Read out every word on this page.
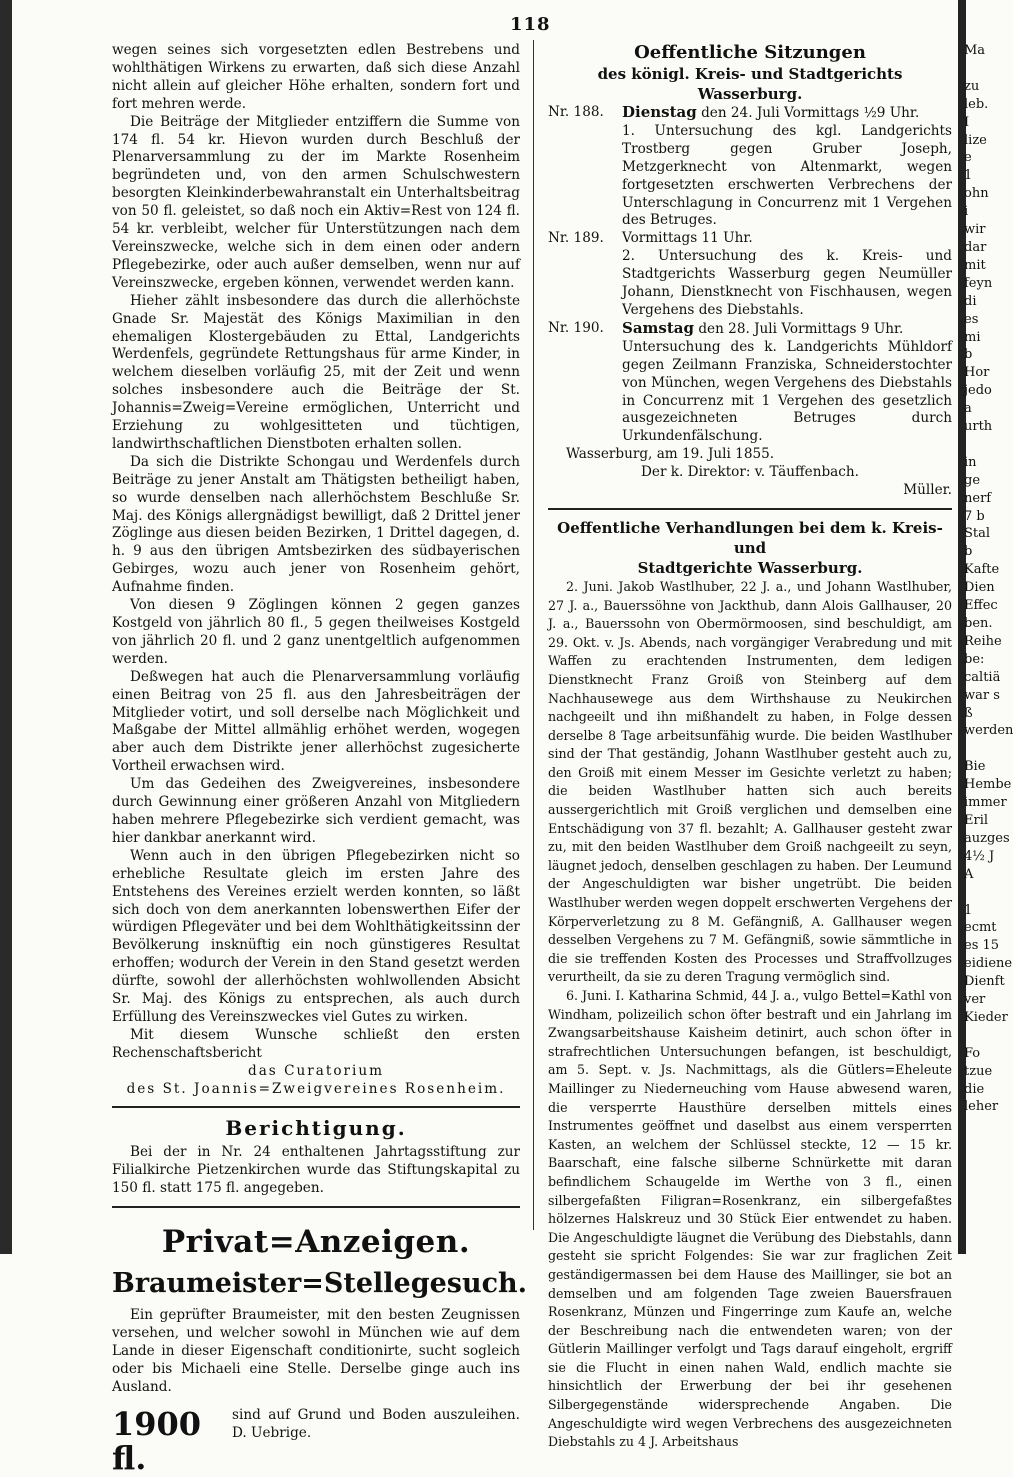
118

wegen seines sich vorgesetzten edlen Bestrebens und wohlthätigen Wirkens zu erwarten, daß sich diese Anzahl nicht allein auf gleicher Höhe erhalten, sondern fort und fort mehren werde.

Die Beiträge der Mitglieder entziffern die Summe von 174 fl. 54 kr. Hievon wurden durch Beschluß der Plenarversammlung zu der im Markte Rosenheim begründeten und, von den armen Schulschwestern besorgten Kleinkinderbewahranstalt ein Unterhaltsbeitrag von 50 fl. geleistet, so daß noch ein Aktiv=Rest von 124 fl. 54 kr. verbleibt, welcher für Unterstützungen nach dem Vereinszwecke, welche sich in dem einen oder andern Pflegebezirke, oder auch außer demselben, wenn nur auf Vereinszwecke, ergeben können, verwendet werden kann.

Hieher zählt insbesondere das durch die allerhöchste Gnade Sr. Majestät des Königs Maximilian in den ehemaligen Klostergebäuden zu Ettal, Landgerichts Werdenfels, gegründete Rettungshaus für arme Kinder, in welchem dieselben vorläufig 25, mit der Zeit und wenn solches insbesondere auch die Beiträge der St. Johannis=Zweig=Vereine ermöglichen, Unterricht und Erziehung zu wohlgesitteten und tüchtigen, landwirthschaftlichen Dienstboten erhalten sollen.

Da sich die Distrikte Schongau und Werdenfels durch Beiträge zu jener Anstalt am Thätigsten betheiligt haben, so wurde denselben nach allerhöchstem Beschluße Sr. Maj. des Königs allergnädigst bewilligt, daß 2 Drittel jener Zöglinge aus diesen beiden Bezirken, 1 Drittel dagegen, d. h. 9 aus den übrigen Amtsbezirken des südbayerischen Gebirges, wozu auch jener von Rosenheim gehört, Aufnahme finden.

Von diesen 9 Zöglingen können 2 gegen ganzes Kostgeld von jährlich 80 fl., 5 gegen theilweises Kostgeld von jährlich 20 fl. und 2 ganz unentgeltlich aufgenommen werden.

Deßwegen hat auch die Plenarversammlung vorläufig einen Beitrag von 25 fl. aus den Jahresbeiträgen der Mitglieder votirt, und soll derselbe nach Möglichkeit und Maßgabe der Mittel allmählig erhöhet werden, wogegen aber auch dem Distrikte jener allerhöchst zugesicherte Vortheil erwachsen wird.

Um das Gedeihen des Zweigvereines, insbesondere durch Gewinnung einer größeren Anzahl von Mitgliedern haben mehrere Pflegebezirke sich verdient gemacht, was hier dankbar anerkannt wird.

Wenn auch in den übrigen Pflegebezirken nicht so erhebliche Resultate gleich im ersten Jahre des Entstehens des Vereines erzielt werden konnten, so läßt sich doch von dem anerkannten lobenswerthen Eifer der würdigen Pflegeväter und bei dem Wohlthätigkeitssinn der Bevölkerung insknüftig ein noch günstigeres Resultat erhoffen; wodurch der Verein in den Stand gesetzt werden dürfte, sowohl der allerhöchsten wohlwollenden Absicht Sr. Maj. des Königs zu entsprechen, als auch durch Erfüllung des Vereinszweckes viel Gutes zu wirken.

Mit diesem Wunsche schließt den ersten Rechenschaftsbericht

das Curatorium

des St. Joannis=Zweigvereines Rosenheim.

Berichtigung.

Bei der in Nr. 24 enthaltenen Jahrtagsstiftung zur Filialkirche Pietzenkirchen wurde das Stiftungskapital zu 150 fl. statt 175 fl. angegeben.

Privat=Anzeigen.
Braumeister=Stellegesuch.

Ein geprüfter Braumeister, mit den besten Zeugnissen versehen, und welcher sowohl in München wie auf dem Lande in dieser Eigenschaft conditionirte, sucht sogleich oder bis Michaeli eine Stelle. Derselbe ginge auch ins Ausland.

1900 fl.

sind auf Grund und Boden auszuleihen. D. Uebrige.

Oeffentliche Sitzungen
des königl. Kreis- und Stadtgerichts Wasserburg.
Nr. 188.	Dienstag den 24. Juli Vormittags ½9 Uhr.

1. Untersuchung des kgl. Landgerichts Trostberg gegen Gruber Joseph, Metzgerknecht von Altenmarkt, wegen fortgesetzten erschwerten Verbrechens der Unterschlagung in Concurrenz mit 1 Vergehen des Betruges.

Nr. 189.	Vormittags 11 Uhr.

2. Untersuchung des k. Kreis- und Stadtgerichts Wasserburg gegen Neumüller Johann, Dienstknecht von Fischhausen, wegen Vergehens des Diebstahls.

Nr. 190.	Samstag den 28. Juli Vormittags 9 Uhr.

Untersuchung des k. Landgerichts Mühldorf gegen Zeilmann Franziska, Schneiderstochter von München, wegen Vergehens des Diebstahls in Concurrenz mit 1 Vergehen des gesetzlich ausgezeichneten Betruges durch Urkundenfälschung.

Wasserburg, am 19. Juli 1855.

Der k. Direktor: v. Täuffenbach.

Müller.

Oeffentliche Verhandlungen bei dem k. Kreis- und
Stadtgerichte Wasserburg.

2. Juni. Jakob Wastlhuber, 22 J. a., und Johann Wastlhuber, 27 J. a., Bauerssöhne von Jackthub, dann Alois Gallhauser, 20 J. a., Bauerssohn von Obermörmoosen, sind beschuldigt, am 29. Okt. v. Js. Abends, nach vorgängiger Verabredung und mit Waffen zu erachtenden Instrumenten, dem ledigen Dienstknecht Franz Groiß von Steinberg auf dem Nachhausewege aus dem Wirthshause zu Neukirchen nachgeeilt und ihn mißhandelt zu haben, in Folge dessen derselbe 8 Tage arbeitsunfähig wurde. Die beiden Wastlhuber sind der That geständig, Johann Wastlhuber gesteht auch zu, den Groiß mit einem Messer im Gesichte verletzt zu haben; die beiden Wastlhuber hatten sich auch bereits aussergerichtlich mit Groiß verglichen und demselben eine Entschädigung von 37 fl. bezahlt; A. Gallhauser gesteht zwar zu, mit den beiden Wastlhuber dem Groiß nachgeeilt zu seyn, läugnet jedoch, denselben geschlagen zu haben. Der Leumund der Angeschuldigten war bisher ungetrübt. Die beiden Wastlhuber werden wegen doppelt erschwerten Vergehens der Körperverletzung zu 8 M. Gefängniß, A. Gallhauser wegen desselben Vergehens zu 7 M. Gefängniß, sowie sämmtliche in die sie treffenden Kosten des Processes und Straffvollzuges verurtheilt, da sie zu deren Tragung vermöglich sind.

6. Juni. I. Katharina Schmid, 44 J. a., vulgo Bettel=Kathl von Windham, polizeilich schon öfter bestraft und ein Jahrlang im Zwangsarbeitshause Kaisheim detinirt, auch schon öfter in strafrechtlichen Untersuchungen befangen, ist beschuldigt, am 5. Sept. v. Js. Nachmittags, als die Gütlers=Eheleute Maillinger zu Niederneuching vom Hause abwesend waren, die versperrte Hausthüre derselben mittels eines Instrumentes geöffnet und daselbst aus einem versperrten Kasten, an welchem der Schlüssel steckte, 12 — 15 kr. Baarschaft, eine falsche silberne Schnürkette mit daran befindlichem Schaugelde im Werthe von 3 fl., einen silbergefaßten Filigran=Rosenkranz, ein silbergefaßtes hölzernes Halskreuz und 30 Stück Eier entwendet zu haben. Die Angeschuldigte läugnet die Verübung des Diebstahls, dann gesteht sie spricht Folgendes: Sie war zur fraglichen Zeit geständigermassen bei dem Hause des Maillinger, sie bot an demselben und am folgenden Tage zweien Bauersfrauen Rosenkranz, Münzen und Fingerringe zum Kaufe an, welche der Beschreibung nach die entwendeten waren; von der Gütlerin Maillinger verfolgt und Tags darauf eingeholt, ergriff sie die Flucht in einen nahen Wald, endlich machte sie hinsichtlich der Erwerbung der bei ihr gesehenen Silbergegenstände widersprechende Angaben. Die Angeschuldigte wird wegen Verbrechens des ausgezeichneten Diebstahls zu 4 J. Arbeitshaus

Ma

zu
leb.
I
lize
e
1
ohn
i
wir
dar
mit
feyn
di
es
mi
b
Hor
jedo
a
urth

in
ge
nerf
7 b
Stal
b
Kafte
Dien
Effec
ben.
Reihe
be:
caltiä
war s
ß
werden

Bie
Hembe
immer
Eril
auzges
4½ J
A

1
ecmt
es 15
eidiene
Dienft
ver
Kieder

Fo
tzue
die
leher
